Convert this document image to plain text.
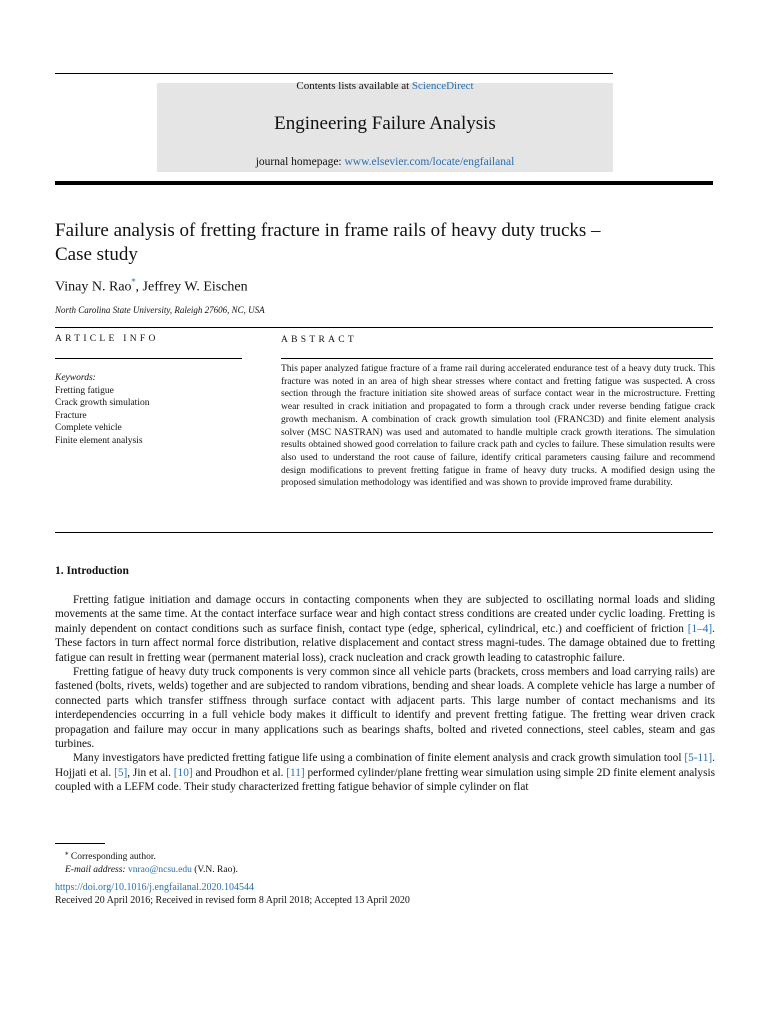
Contents lists available at ScienceDirect
Engineering Failure Analysis
journal homepage: www.elsevier.com/locate/engfailanal
Failure analysis of fretting fracture in frame rails of heavy duty trucks – Case study
Vinay N. Rao⁎, Jeffrey W. Eischen
North Carolina State University, Raleigh 27606, NC, USA
ARTICLE INFO
Keywords:
Fretting fatigue
Crack growth simulation
Fracture
Complete vehicle
Finite element analysis
ABSTRACT
This paper analyzed fatigue fracture of a frame rail during accelerated endurance test of a heavy duty truck. This fracture was noted in an area of high shear stresses where contact and fretting fatigue was suspected. A cross section through the fracture initiation site showed areas of surface contact wear in the microstructure. Fretting wear resulted in crack initiation and propagated to form a through crack under reverse bending fatigue crack growth mechanism. A combination of crack growth simulation tool (FRANC3D) and finite element analysis solver (MSC NASTRAN) was used and automated to handle multiple crack growth iterations. The simulation results obtained showed good correlation to failure crack path and cycles to failure. These simulation results were also used to understand the root cause of failure, identify critical parameters causing failure and recommend design modifications to prevent fretting fatigue in frame of heavy duty trucks. A modified design using the proposed simulation methodology was identified and was shown to provide improved frame durability.
1. Introduction

Fretting fatigue initiation and damage occurs in contacting components when they are subjected to oscillating normal loads and sliding movements at the same time. At the contact interface surface wear and high contact stress conditions are created under cyclic loading. Fretting is mainly dependent on contact conditions such as surface finish, contact type (edge, spherical, cylindrical, etc.) and coefficient of friction [1–4]. These factors in turn affect normal force distribution, relative displacement and contact stress magni-tudes. The damage obtained due to fretting fatigue can result in fretting wear (permanent material loss), crack nucleation and crack growth leading to catastrophic failure.

Fretting fatigue of heavy duty truck components is very common since all vehicle parts (brackets, cross members and load carrying rails) are fastened (bolts, rivets, welds) together and are subjected to random vibrations, bending and shear loads. A complete vehicle has large a number of connected parts which transfer stiffness through surface contact with adjacent parts. This large number of contact mechanisms and its interdependencies occurring in a full vehicle body makes it difficult to identify and prevent fretting fatigue. The fretting wear driven crack propagation and failure may occur in many applications such as bearings shafts, bolted and riveted connections, steel cables, steam and gas turbines.

Many investigators have predicted fretting fatigue life using a combination of finite element analysis and crack growth simulation tool [5-11]. Hojjati et al. [5], Jin et al. [10] and Proudhon et al. [11] performed cylinder/plane fretting wear simulation using simple 2D finite element analysis coupled with a LEFM code. Their study characterized fretting fatigue behavior of simple cylinder on flat

⁎ Corresponding author.
E-mail address: vnrao@ncsu.edu (V.N. Rao).
https://doi.org/10.1016/j.engfailanal.2020.104544
Received 20 April 2016; Received in revised form 8 April 2018; Accepted 13 April 2020
